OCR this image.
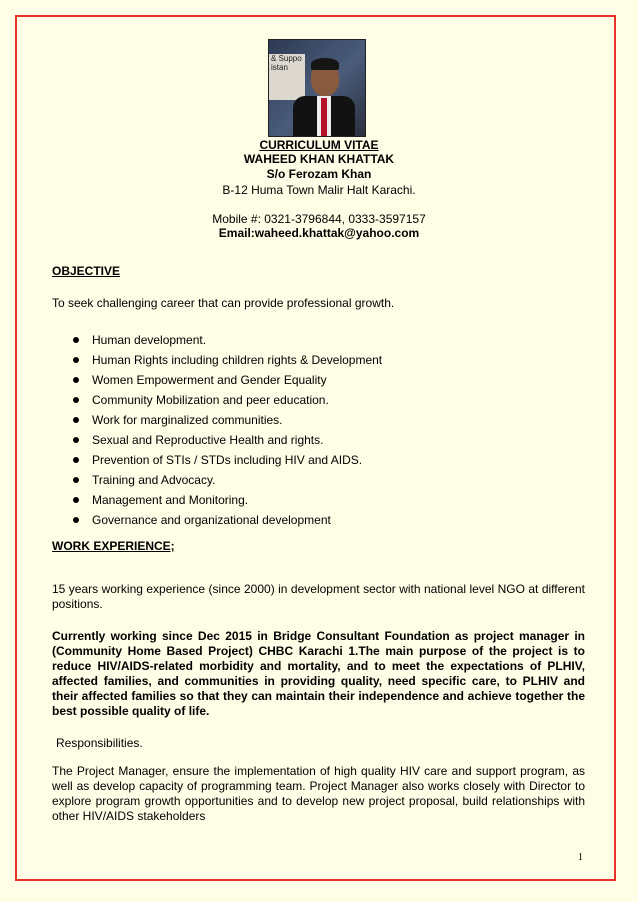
& Suppo
istan
CURRICULUM VITAE
WAHEED KHAN KHATTAK
S/o Ferozam Khan
B-12 Huma Town Malir Halt Karachi.
Mobile #: 0321-3796844, 0333-3597157
Email:waheed.khattak@yahoo.com
OBJECTIVE
To seek challenging career that can provide professional growth.
Human development.
Human Rights including children rights & Development
Women Empowerment and Gender Equality
Community Mobilization and peer education.
Work for marginalized communities.
Sexual and Reproductive Health and rights.
Prevention of STIs / STDs including HIV and AIDS.
Training and Advocacy.
Management and Monitoring.
Governance and organizational development
WORK EXPERIENCE;
15 years working experience (since 2000) in development sector with national level NGO at different positions.
Currently working since Dec 2015 in Bridge Consultant Foundation as project manager in (Community Home Based Project) CHBC Karachi 1.The main purpose of the project is to reduce HIV/AIDS-related morbidity and mortality, and to meet the expectations of PLHIV, affected families, and communities in providing quality, need specific care, to PLHIV and their affected families so that they can maintain their independence and achieve together the best possible quality of life.
Responsibilities.
The Project Manager, ensure the implementation of high quality HIV care and support program, as well as develop capacity of programming team. Project Manager also works closely with Director to explore program growth opportunities and to develop new project proposal, build relationships with other HIV/AIDS stakeholders
1
